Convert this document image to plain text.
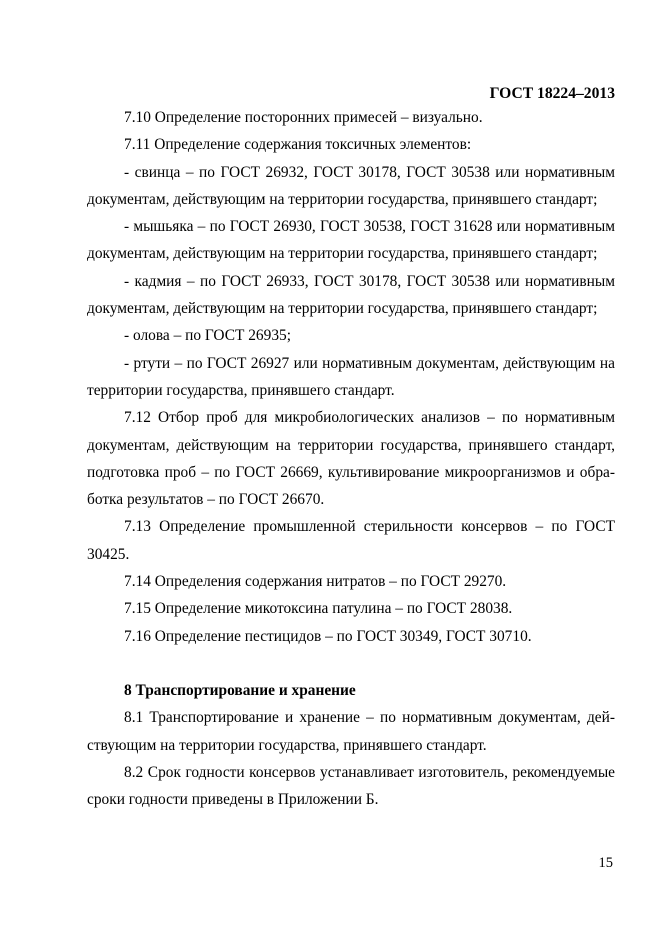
ГОСТ 18224–2013

7.10 Определение посторонних примесей – визуально.

7.11 Определение содержания токсичных элементов:

- свинца – по ГОСТ 26932, ГОСТ 30178, ГОСТ 30538 или нормативным документам, действующим на территории государства, принявшего стандарт;

- мышьяка – по ГОСТ 26930, ГОСТ 30538, ГОСТ 31628 или нормативным документам, действующим на территории государства, принявшего стандарт;

- кадмия – по ГОСТ 26933, ГОСТ 30178, ГОСТ 30538 или нормативным документам, действующим на территории государства, принявшего стандарт;

- олова – по ГОСТ 26935;

- ртути – по ГОСТ 26927 или нормативным документам, действующим на территории государства, принявшего стандарт.

7.12 Отбор проб для микробиологических анализов – по нормативным документам, действующим на территории государства, принявшего стандарт, подготовка проб – по ГОСТ 26669, культивирование микроорганизмов и обработка результатов – по ГОСТ 26670.

7.13 Определение промышленной стерильности консервов – по ГОСТ 30425.

7.14 Определения содержания нитратов – по ГОСТ 29270.

7.15 Определение микотоксина патулина – по ГОСТ 28038.

7.16 Определение пестицидов – по ГОСТ 30349, ГОСТ 30710.

8 Транспортирование и хранение

8.1 Транспортирование и хранение – по нормативным документам, действующим на территории государства, принявшего стандарт.

8.2 Срок годности консервов устанавливает изготовитель, рекомендуемые сроки годности приведены в Приложении Б.

15
